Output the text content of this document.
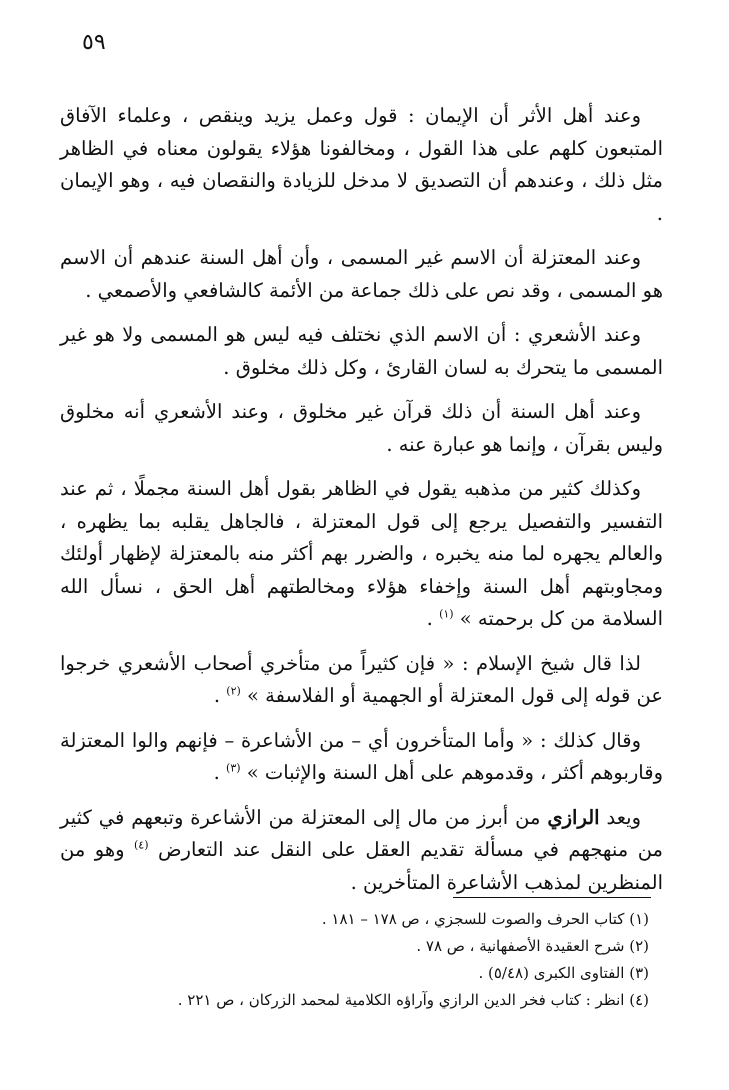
٥٩

وعند أهل الأثر أن الإيمان : قول وعمل يزيد وينقص ، وعلماء الآفاق المتبعون كلهم على هذا القول ، ومخالفونا هؤلاء يقولون معناه في الظاهر مثل ذلك ، وعندهم أن التصديق لا مدخل للزيادة والنقصان فيه ، وهو الإيمان .

وعند المعتزلة أن الاسم غير المسمى ، وأن أهل السنة عندهم أن الاسم هو المسمى ، وقد نص على ذلك جماعة من الأئمة كالشافعي والأصمعي .

وعند الأشعري : أن الاسم الذي نختلف فيه ليس هو المسمى ولا هو غير المسمى ما يتحرك به لسان القارئ ، وكل ذلك مخلوق .

وعند أهل السنة أن ذلك قرآن غير مخلوق ، وعند الأشعري أنه مخلوق وليس بقرآن ، وإنما هو عبارة عنه .

وكذلك كثير من مذهبه يقول في الظاهر بقول أهل السنة مجملًا ، ثم عند التفسير والتفصيل يرجع إلى قول المعتزلة ، فالجاهل يقلبه بما يظهره ، والعالم يجهره لما منه يخبره ، والضرر بهم أكثر منه بالمعتزلة لإظهار أولئك ومجاوبتهم أهل السنة وإخفاء هؤلاء ومخالطتهم أهل الحق ، نسأل الله السلامة من كل برحمته » $^{(١)}$ .

لذا قال شيخ الإسلام : « فإن كثيراً من متأخري أصحاب الأشعري خرجوا عن قوله إلى قول المعتزلة أو الجهمية أو الفلاسفة » $^{(٢)}$ .

وقال كذلك : « وأما المتأخرون أي – من الأشاعرة – فإنهم والوا المعتزلة وقاربوهم أكثر ، وقدموهم على أهل السنة والإثبات » $^{(٣)}$ .

ويعد الرازي من أبرز من مال إلى المعتزلة من الأشاعرة وتبعهم في كثير من منهجهم في مسألة تقديم العقل على النقل عند التعارض $^{(٤)}$ وهو من المنظرين لمذهب الأشاعرة المتأخرين .

(١) كتاب الحرف والصوت للسجزي ، ص ١٧٨ – ١٨١ .

(٢) شرح العقيدة الأصفهانية ، ص ٧٨ .

(٣) الفتاوى الكبرى (٥/٤٨) .

(٤) انظر : كتاب فخر الدين الرازي وآراؤه الكلامية لمحمد الزركان ، ص ٢٢١ .
